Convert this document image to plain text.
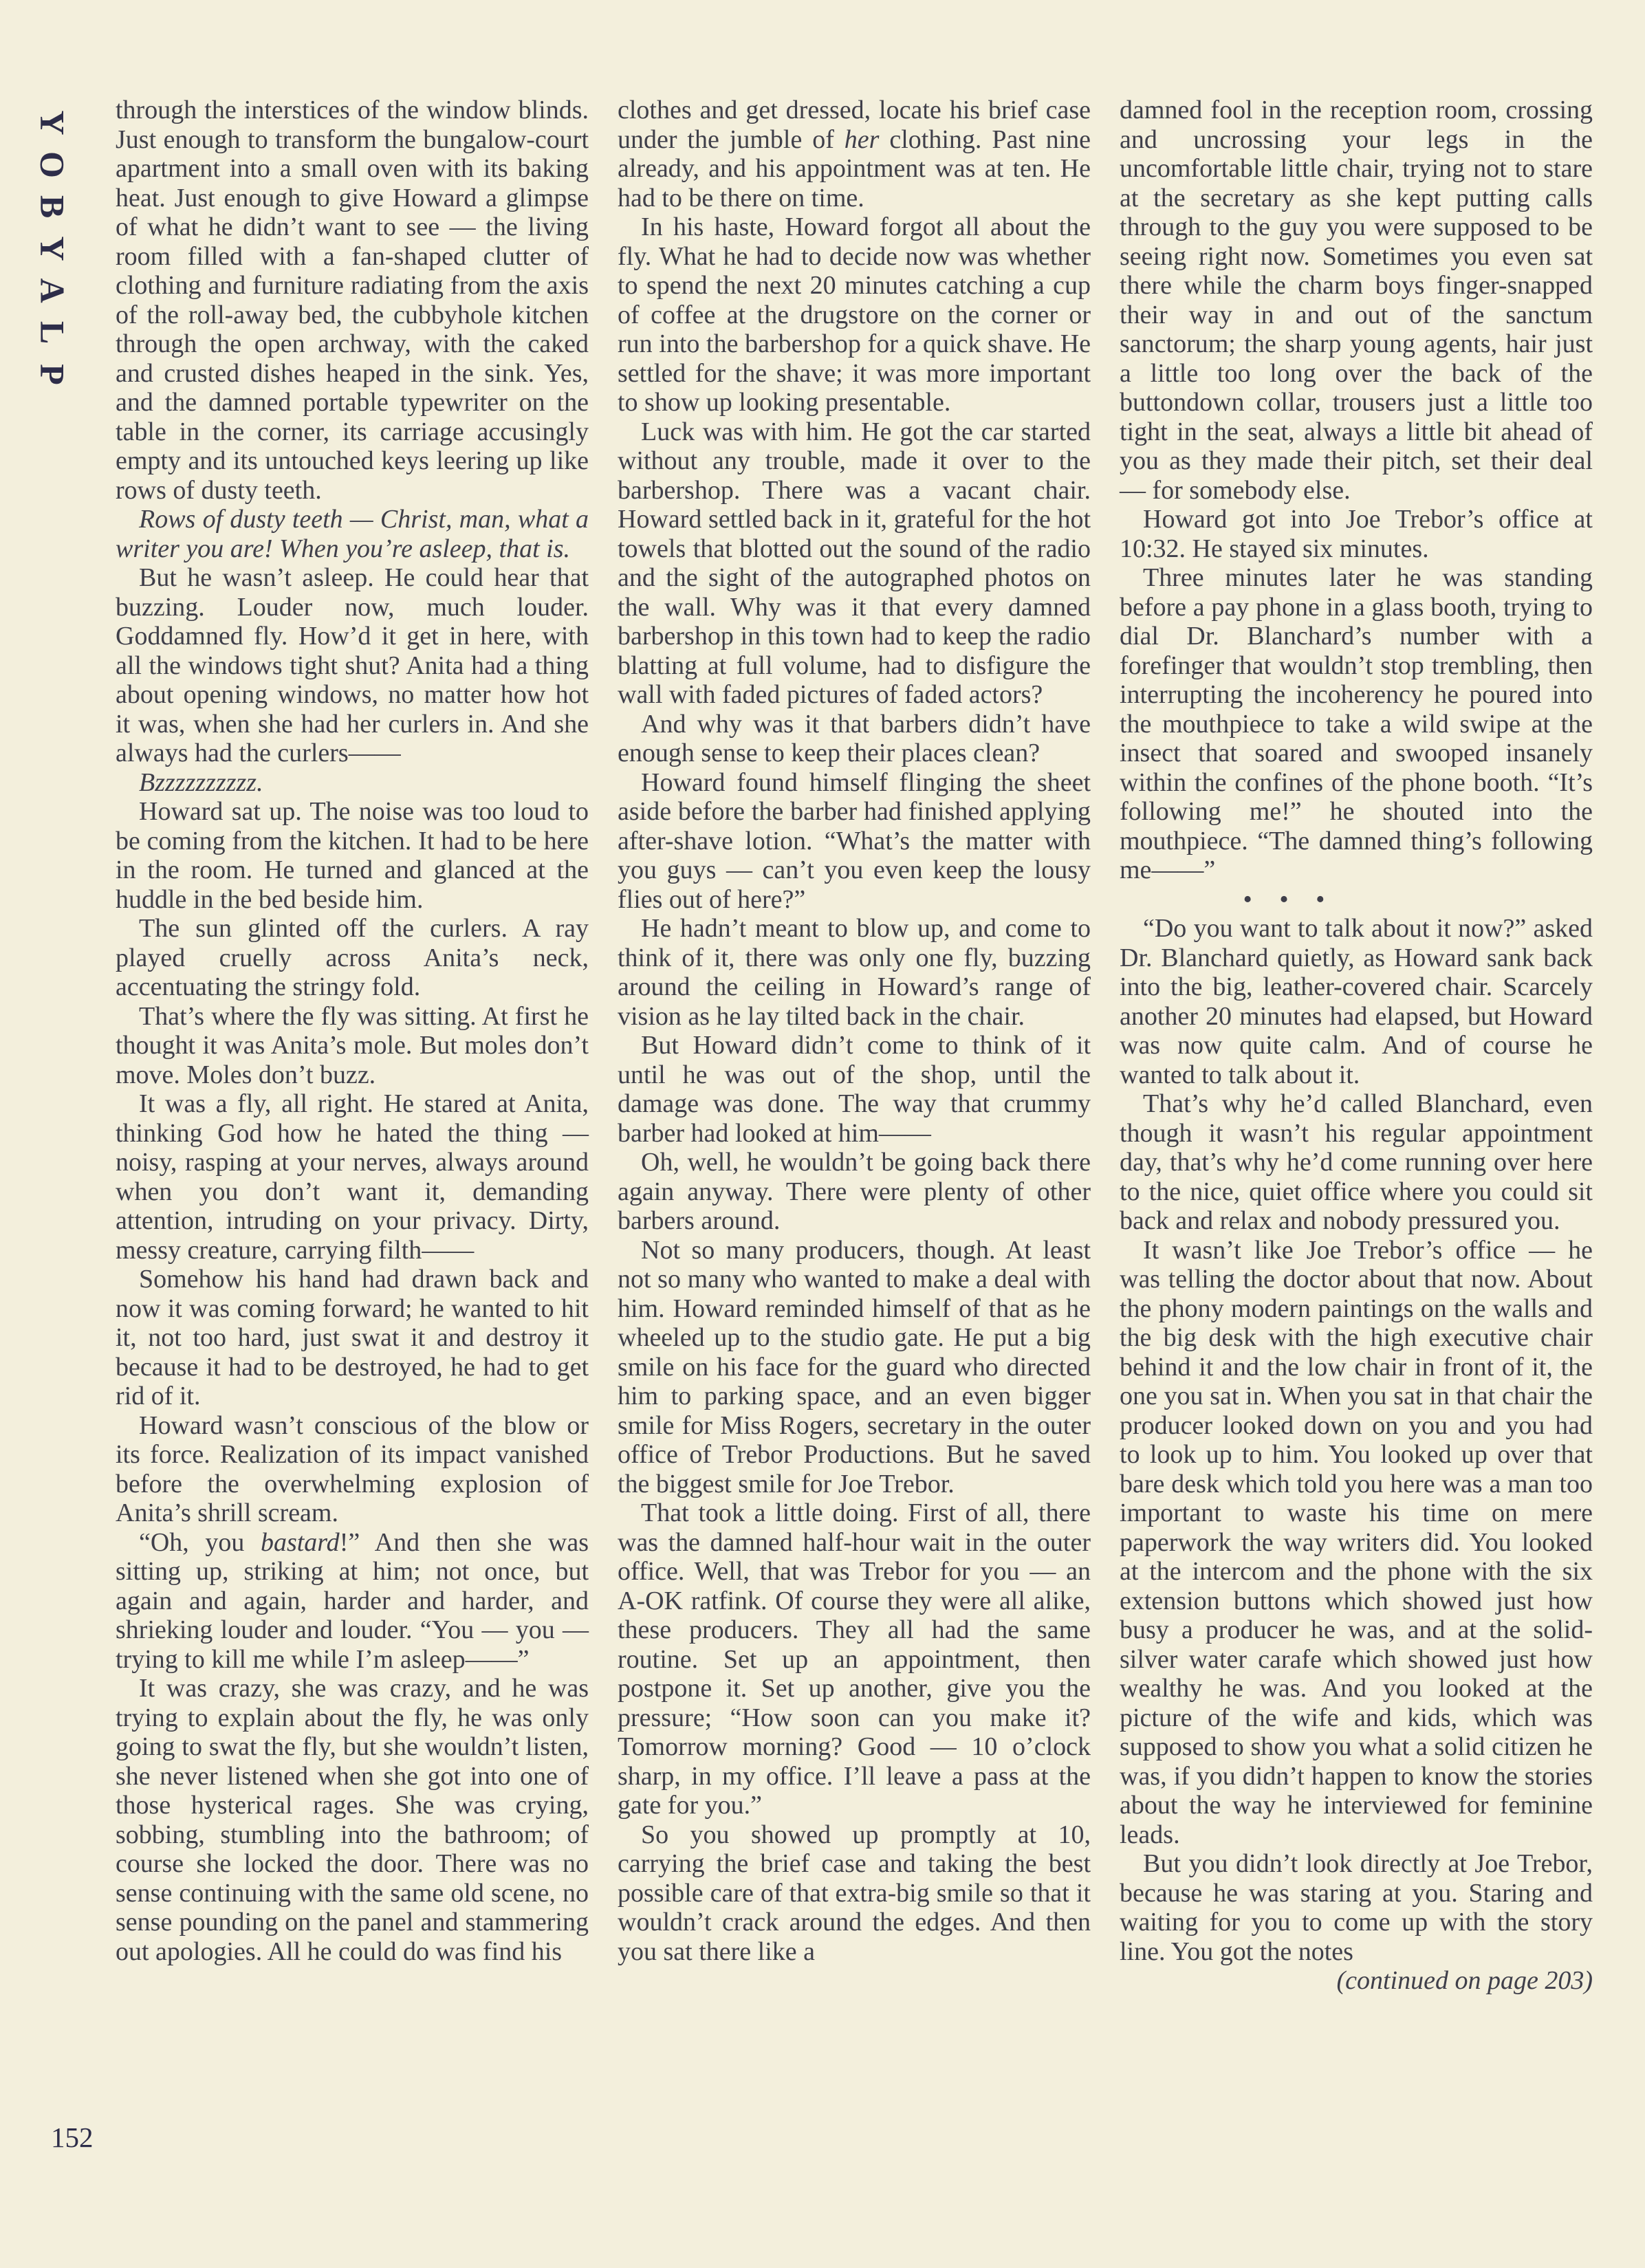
Y
O
B
Y
A
L
P

through the interstices of the window blinds. Just enough to transform the bungalow-court apartment into a small oven with its baking heat. Just enough to give Howard a glimpse of what he didn’t want to see — the living room filled with a fan-shaped clutter of clothing and furniture radiating from the axis of the roll-away bed, the cubbyhole kitchen through the open archway, with the caked and crusted dishes heaped in the sink. Yes, and the damned portable typewriter on the table in the corner, its carriage accusingly empty and its untouched keys leering up like rows of dusty teeth.

Rows of dusty teeth — Christ, man, what a writer you are! When you’re asleep, that is.

But he wasn’t asleep. He could hear that buzzing. Louder now, much louder. Goddamned fly. How’d it get in here, with all the windows tight shut? Anita had a thing about opening windows, no matter how hot it was, when she had her curlers in. And she always had the curlers——

Bzzzzzzzzzz.

Howard sat up. The noise was too loud to be coming from the kitchen. It had to be here in the room. He turned and glanced at the huddle in the bed beside him.

The sun glinted off the curlers. A ray played cruelly across Anita’s neck, accentuating the stringy fold.

That’s where the fly was sitting. At first he thought it was Anita’s mole. But moles don’t move. Moles don’t buzz.

It was a fly, all right. He stared at Anita, thinking God how he hated the thing — noisy, rasping at your nerves, always around when you don’t want it, demanding attention, intruding on your privacy. Dirty, messy creature, carrying filth——

Somehow his hand had drawn back and now it was coming forward; he wanted to hit it, not too hard, just swat it and destroy it because it had to be destroyed, he had to get rid of it.

Howard wasn’t conscious of the blow or its force. Realization of its impact vanished before the overwhelming explosion of Anita’s shrill scream.

“Oh, you bastard!” And then she was sitting up, striking at him; not once, but again and again, harder and harder, and shrieking louder and louder. “You — you — trying to kill me while I’m asleep——”

It was crazy, she was crazy, and he was trying to explain about the fly, he was only going to swat the fly, but she wouldn’t listen, she never listened when she got into one of those hysterical rages. She was crying, sobbing, stumbling into the bathroom; of course she locked the door. There was no sense continuing with the same old scene, no sense pounding on the panel and stammering out apologies. All he could do was find his

clothes and get dressed, locate his brief case under the jumble of her clothing. Past nine already, and his appointment was at ten. He had to be there on time.

In his haste, Howard forgot all about the fly. What he had to decide now was whether to spend the next 20 minutes catching a cup of coffee at the drugstore on the corner or run into the barbershop for a quick shave. He settled for the shave; it was more important to show up looking presentable.

Luck was with him. He got the car started without any trouble, made it over to the barbershop. There was a vacant chair. Howard settled back in it, grateful for the hot towels that blotted out the sound of the radio and the sight of the autographed photos on the wall. Why was it that every damned barbershop in this town had to keep the radio blatting at full volume, had to disfigure the wall with faded pictures of faded actors?

And why was it that barbers didn’t have enough sense to keep their places clean?

Howard found himself flinging the sheet aside before the barber had finished applying after-shave lotion. “What’s the matter with you guys — can’t you even keep the lousy flies out of here?”

He hadn’t meant to blow up, and come to think of it, there was only one fly, buzzing around the ceiling in Howard’s range of vision as he lay tilted back in the chair.

But Howard didn’t come to think of it until he was out of the shop, until the damage was done. The way that crummy barber had looked at him——

Oh, well, he wouldn’t be going back there again anyway. There were plenty of other barbers around.

Not so many producers, though. At least not so many who wanted to make a deal with him. Howard reminded himself of that as he wheeled up to the studio gate. He put a big smile on his face for the guard who directed him to parking space, and an even bigger smile for Miss Rogers, secretary in the outer office of Trebor Productions. But he saved the biggest smile for Joe Trebor.

That took a little doing. First of all, there was the damned half-hour wait in the outer office. Well, that was Trebor for you — an A-OK ratfink. Of course they were all alike, these producers. They all had the same routine. Set up an appointment, then postpone it. Set up another, give you the pressure; “How soon can you make it? Tomorrow morning? Good — 10 o’clock sharp, in my office. I’ll leave a pass at the gate for you.”

So you showed up promptly at 10, carrying the brief case and taking the best possible care of that extra-big smile so that it wouldn’t crack around the edges. And then you sat there like a

damned fool in the reception room, crossing and uncrossing your legs in the uncomfortable little chair, trying not to stare at the secretary as she kept putting calls through to the guy you were supposed to be seeing right now. Sometimes you even sat there while the charm boys finger-snapped their way in and out of the sanctum sanctorum; the sharp young agents, hair just a little too long over the back of the buttondown collar, trousers just a little too tight in the seat, always a little bit ahead of you as they made their pitch, set their deal — for somebody else.

Howard got into Joe Trebor’s office at 10:32. He stayed six minutes.

Three minutes later he was standing before a pay phone in a glass booth, trying to dial Dr. Blanchard’s number with a forefinger that wouldn’t stop trembling, then interrupting the incoherency he poured into the mouthpiece to take a wild swipe at the insect that soared and swooped insanely within the confines of the phone booth. “It’s following me!” he shouted into the mouthpiece. “The damned thing’s following me——”

• • •

“Do you want to talk about it now?” asked Dr. Blanchard quietly, as Howard sank back into the big, leather-covered chair. Scarcely another 20 minutes had elapsed, but Howard was now quite calm. And of course he wanted to talk about it.

That’s why he’d called Blanchard, even though it wasn’t his regular appointment day, that’s why he’d come running over here to the nice, quiet office where you could sit back and relax and nobody pressured you.

It wasn’t like Joe Trebor’s office — he was telling the doctor about that now. About the phony modern paintings on the walls and the big desk with the high executive chair behind it and the low chair in front of it, the one you sat in. When you sat in that chair the producer looked down on you and you had to look up to him. You looked up over that bare desk which told you here was a man too important to waste his time on mere paperwork the way writers did. You looked at the intercom and the phone with the six extension buttons which showed just how busy a producer he was, and at the solid-silver water carafe which showed just how wealthy he was. And you looked at the picture of the wife and kids, which was supposed to show you what a solid citizen he was, if you didn’t happen to know the stories about the way he interviewed for feminine leads.

But you didn’t look directly at Joe Trebor, because he was staring at you. Staring and waiting for you to come up with the story line. You got the notes

(continued on page 203)

152
